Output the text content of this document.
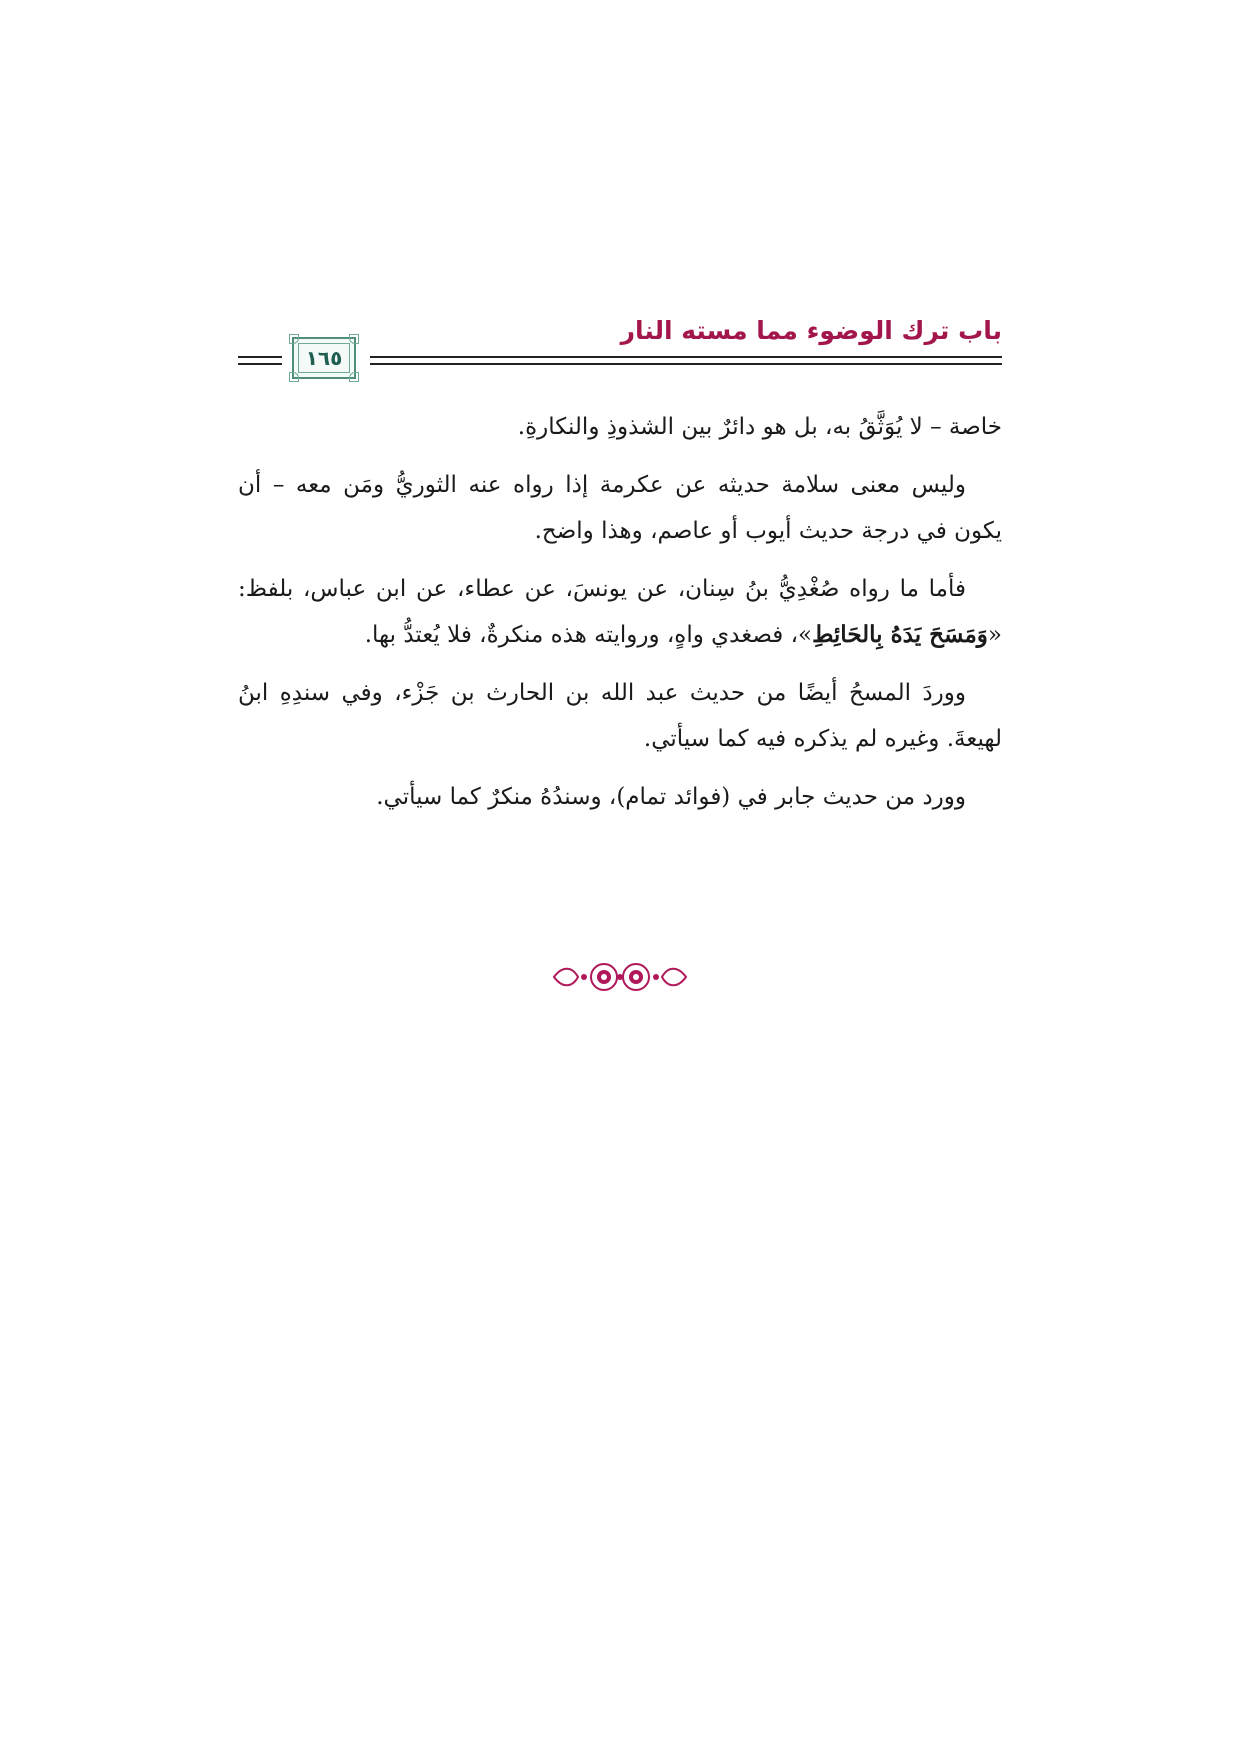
باب ترك الوضوء مما مسته النار
١٦٥

خاصة – لا يُوَثَّقُ به، بل هو دائرٌ بين الشذوذِ والنكارةِ.

وليس معنى سلامة حديثه عن عكرمة إذا رواه عنه الثوريُّ ومَن معه – أن يكون في درجة حديث أيوب أو عاصم، وهذا واضح.

فأما ما رواه صُغْدِيُّ بنُ سِنان، عن يونسَ، عن عطاء، عن ابن عباس، بلفظ: «وَمَسَحَ يَدَهُ بِالحَائِطِ»، فصغدي واهٍ، وروايته هذه منكرةٌ، فلا يُعتدُّ بها.

ووردَ المسحُ أيضًا من حديث عبد الله بن الحارث بن جَزْء، وفي سندِهِ ابنُ لهيعةَ. وغيره لم يذكره فيه كما سيأتي.

وورد من حديث جابر في (فوائد تمام)، وسندُهُ منكرٌ كما سيأتي.
